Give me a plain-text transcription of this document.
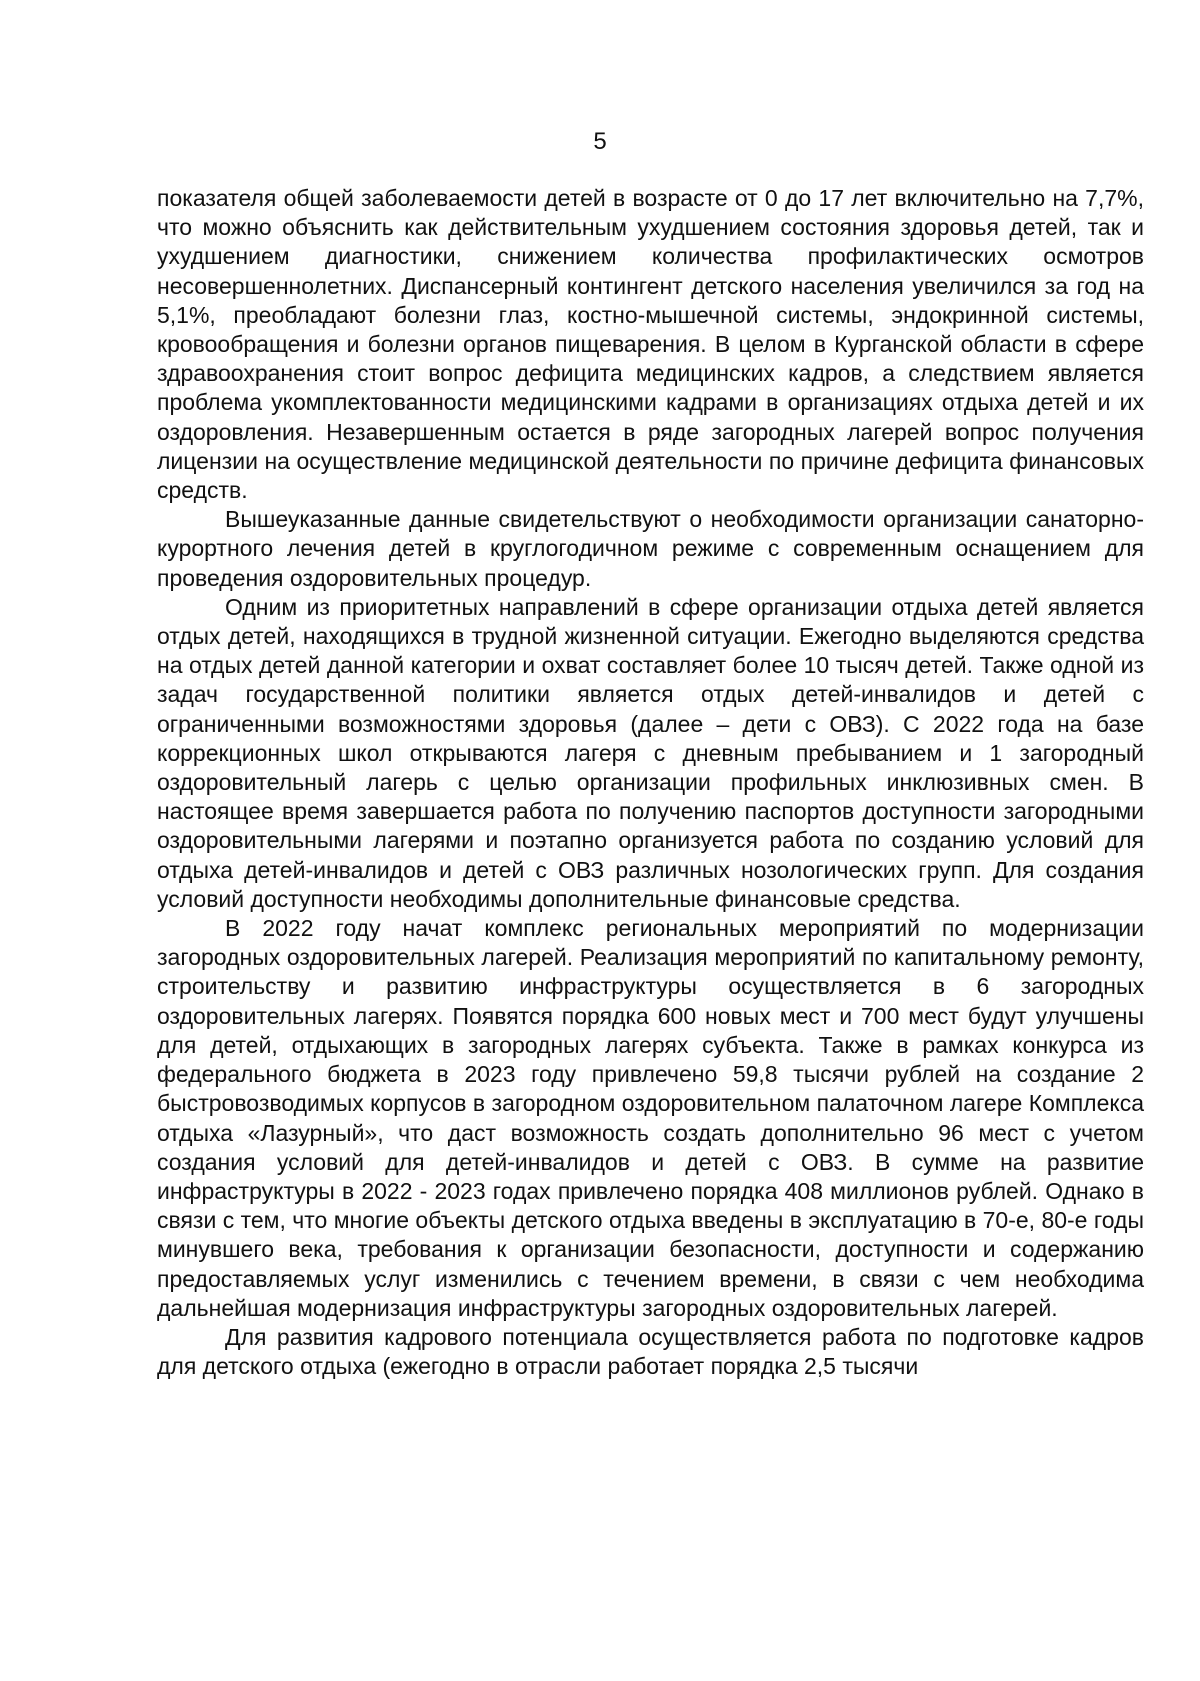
5

показателя общей заболеваемости детей в возрасте от 0 до 17 лет включительно на 7,7%, что можно объяснить как действительным ухудшением состояния здоровья детей, так и ухудшением диагностики, снижением количества профилактических осмотров несовершеннолетних. Диспансерный контингент детского населения увеличился за год на 5,1%, преобладают болезни глаз, костно-мышечной системы, эндокринной системы, кровообращения и болезни органов пищеварения. В целом в Курганской области в сфере здравоохранения стоит вопрос дефицита медицинских кадров, а следствием является проблема укомплектованности медицинскими кадрами в организациях отдыха детей и их оздоровления. Незавершенным остается в ряде загородных лагерей вопрос получения лицензии на осуществление медицинской деятельности по причине дефицита финансовых средств.

Вышеуказанные данные свидетельствуют о необходимости организации санаторно-курортного лечения детей в круглогодичном режиме с современным оснащением для проведения оздоровительных процедур.

Одним из приоритетных направлений в сфере организации отдыха детей является отдых детей, находящихся в трудной жизненной ситуации. Ежегодно выделяются средства на отдых детей данной категории и охват составляет более 10 тысяч детей. Также одной из задач государственной политики является отдых детей-инвалидов и детей с ограниченными возможностями здоровья (далее – дети с ОВЗ). С 2022 года на базе коррекционных школ открываются лагеря с дневным пребыванием и 1 загородный оздоровительный лагерь с целью организации профильных инклюзивных смен. В настоящее время завершается работа по получению паспортов доступности загородными оздоровительными лагерями и поэтапно организуется работа по созданию условий для отдыха детей-инвалидов и детей с ОВЗ различных нозологических групп. Для создания условий доступности необходимы дополнительные финансовые средства.

В 2022 году начат комплекс региональных мероприятий по модернизации загородных оздоровительных лагерей. Реализация мероприятий по капитальному ремонту, строительству и развитию инфраструктуры осуществляется в 6 загородных оздоровительных лагерях. Появятся порядка 600 новых мест и 700 мест будут улучшены для детей, отдыхающих в загородных лагерях субъекта. Также в рамках конкурса из федерального бюджета в 2023 году привлечено 59,8 тысячи рублей на создание 2 быстровозводимых корпусов в загородном оздоровительном палаточном лагере Комплекса отдыха «Лазурный», что даст возможность создать дополнительно 96 мест с учетом создания условий для детей-инвалидов и детей с ОВЗ. В сумме на развитие инфраструктуры в 2022 - 2023 годах привлечено порядка 408 миллионов рублей. Однако в связи с тем, что многие объекты детского отдыха введены в эксплуатацию в 70-е, 80-е годы минувшего века, требования к организации безопасности, доступности и содержанию предоставляемых услуг изменились с течением времени, в связи с чем необходима дальнейшая модернизация инфраструктуры загородных оздоровительных лагерей.

Для развития кадрового потенциала осуществляется работа по подготовке кадров для детского отдыха (ежегодно в отрасли работает порядка 2,5 тысячи
